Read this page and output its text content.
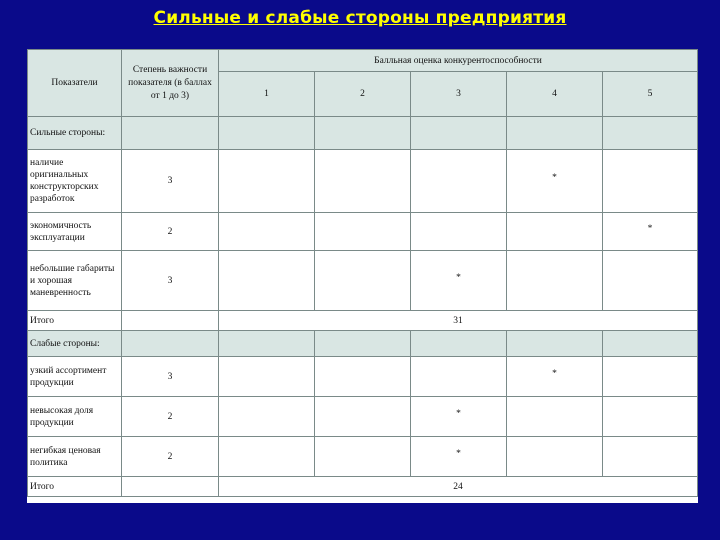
Сильные и слабые стороны предприятия
Показатели	Степень важности показателя (в баллах от 1 до 3)	Балльная оценка конкурентоспособности				
		1	2	3	4	5
Сильные стороны:						
наличие оригинальных конструкторских разработок	3				*	
экономичность эксплуатации	2					*
небольшие габариты и хорошая маневренность	3			*		
Итого		31				
Слабые стороны:						
узкий ассортимент продукции	3				*	
невысокая доля продукции	2			*		
негибкая ценовая политика	2			*		
Итого		24				
